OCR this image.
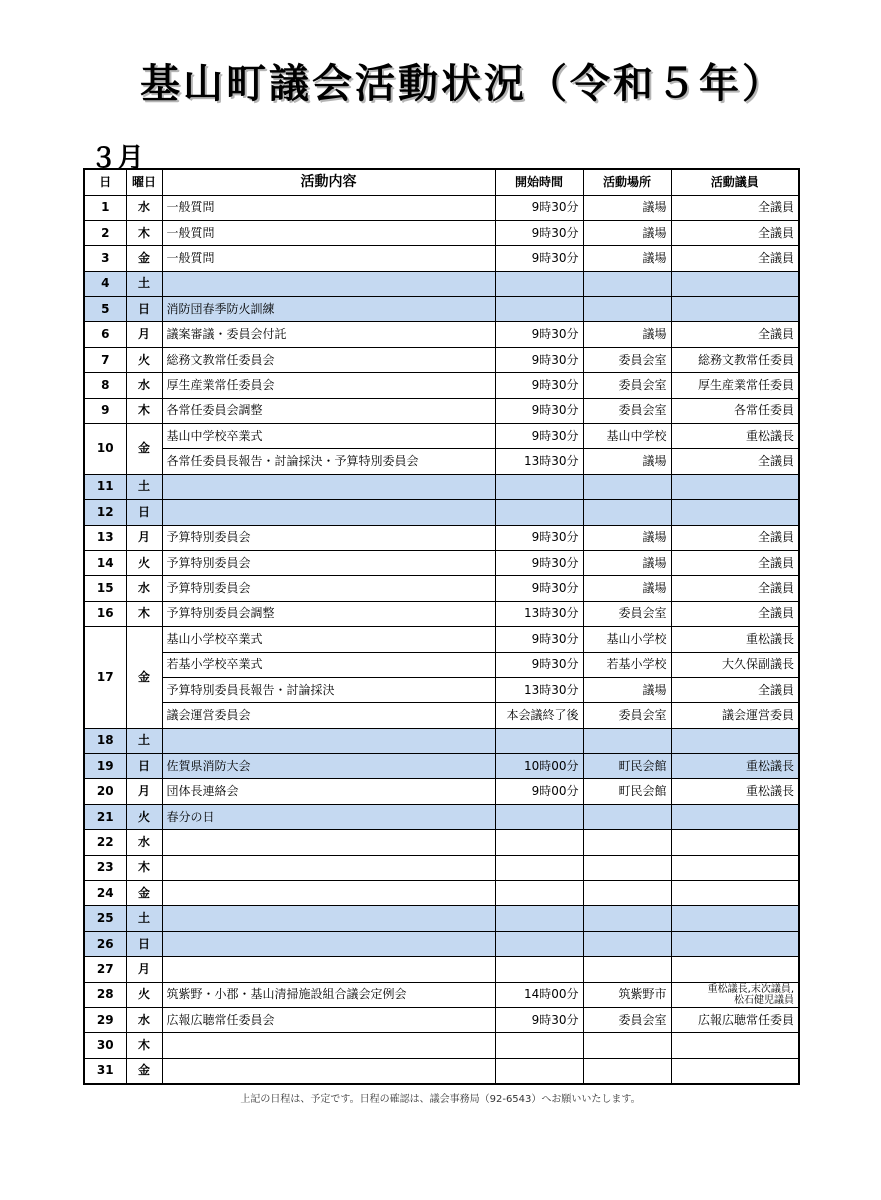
基山町議会活動状況（令和５年）
３月
日	曜日	活動内容	開始時間	活動場所	活動議員
1	水	一般質問	9時30分	議場	全議員
2	木	一般質問	9時30分	議場	全議員
3	金	一般質問	9時30分	議場	全議員
4	土				
5	日	消防団春季防火訓練			
6	月	議案審議・委員会付託	9時30分	議場	全議員
7	火	総務文教常任委員会	9時30分	委員会室	総務文教常任委員
8	水	厚生産業常任委員会	9時30分	委員会室	厚生産業常任委員
9	木	各常任委員会調整	9時30分	委員会室	各常任委員
10	金	基山中学校卒業式	9時30分	基山中学校	重松議長
		各常任委員長報告・討論採決・予算特別委員会	13時30分	議場	全議員
11	土				
12	日				
13	月	予算特別委員会	9時30分	議場	全議員
14	火	予算特別委員会	9時30分	議場	全議員
15	水	予算特別委員会	9時30分	議場	全議員
16	木	予算特別委員会調整	13時30分	委員会室	全議員
17	金	基山小学校卒業式	9時30分	基山小学校	重松議長
		若基小学校卒業式	9時30分	若基小学校	大久保副議長
		予算特別委員長報告・討論採決	13時30分	議場	全議員
		議会運営委員会	本会議終了後	委員会室	議会運営委員
18	土				
19	日	佐賀県消防大会	10時00分	町民会館	重松議長
20	月	団体長連絡会	9時00分	町民会館	重松議長
21	火	春分の日			
22	水				
23	木				
24	金				
25	土				
26	日				
27	月				
28	火	筑紫野・小郡・基山清掃施設組合議会定例会	14時00分	筑紫野市	重松議長,末次議員,
松石健児議員

29	水	広報広聴常任委員会	9時30分	委員会室	広報広聴常任委員
30	木				
31	金				
上記の日程は、予定です。日程の確認は、議会事務局（92-6543）へお願いいたします。
